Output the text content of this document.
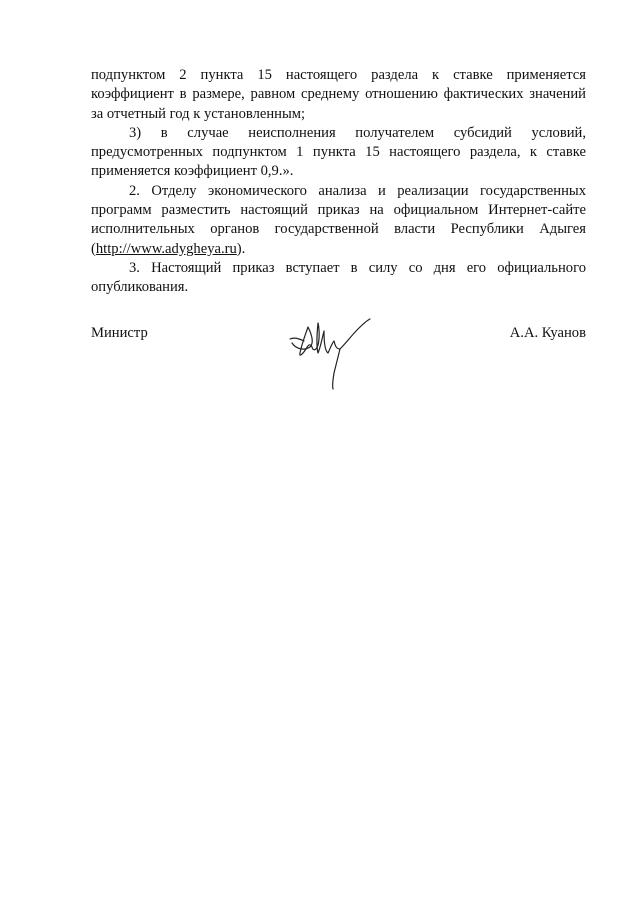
подпунктом 2 пункта 15 настоящего раздела к ставке применяется коэффициент в размере, равном среднему отношению фактических значений за отчетный год к установленным;

3) в случае неисполнения получателем субсидий условий, предусмотренных подпунктом 1 пункта 15 настоящего раздела, к ставке применяется коэффициент 0,9.».

2. Отделу экономического анализа и реализации государственных программ разместить настоящий приказ на официальном Интернет-сайте исполнительных органов государственной власти Республики Адыгея (http://www.adygheya.ru).

3. Настоящий приказ вступает в силу со дня его официального опубликования.

Министр	А.А. Куанов
